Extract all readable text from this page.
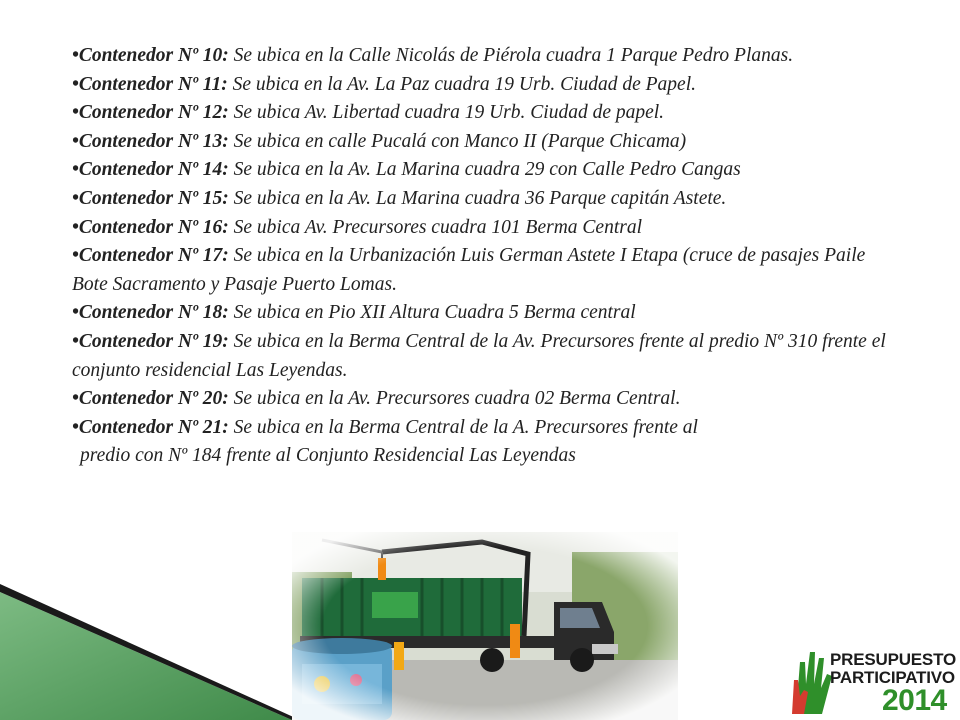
•Contenedor Nº 10: Se ubica en la Calle Nicolás de Piérola cuadra 1 Parque Pedro Planas.

•Contenedor Nº 11: Se ubica en la Av. La Paz cuadra 19 Urb. Ciudad de Papel.

•Contenedor Nº 12: Se ubica Av. Libertad cuadra 19 Urb. Ciudad de papel.

•Contenedor Nº 13: Se ubica en calle Pucalá con Manco II (Parque Chicama)

•Contenedor Nº 14: Se ubica en la Av. La Marina cuadra 29 con Calle Pedro Cangas

•Contenedor Nº 15: Se ubica en la Av. La Marina cuadra 36 Parque capitán Astete.

•Contenedor Nº 16: Se ubica Av. Precursores cuadra 101 Berma Central

•Contenedor Nº 17: Se ubica en la Urbanización Luis German Astete I Etapa (cruce de pasajes Paile Bote Sacramento y Pasaje Puerto Lomas.

•Contenedor Nº 18: Se ubica en Pio XII Altura Cuadra 5 Berma central

•Contenedor Nº 19: Se ubica en la Berma Central de la Av. Precursores frente al predio Nº 310 frente el conjunto residencial Las Leyendas.

•Contenedor Nº 20: Se ubica en la Av. Precursores cuadra 02 Berma Central.

•Contenedor Nº 21: Se ubica en la Berma Central de la A. Precursores frente al

predio con Nº 184 frente al Conjunto Residencial Las Leyendas

PRESUPUESTO
PARTICIPATIVO
2014
